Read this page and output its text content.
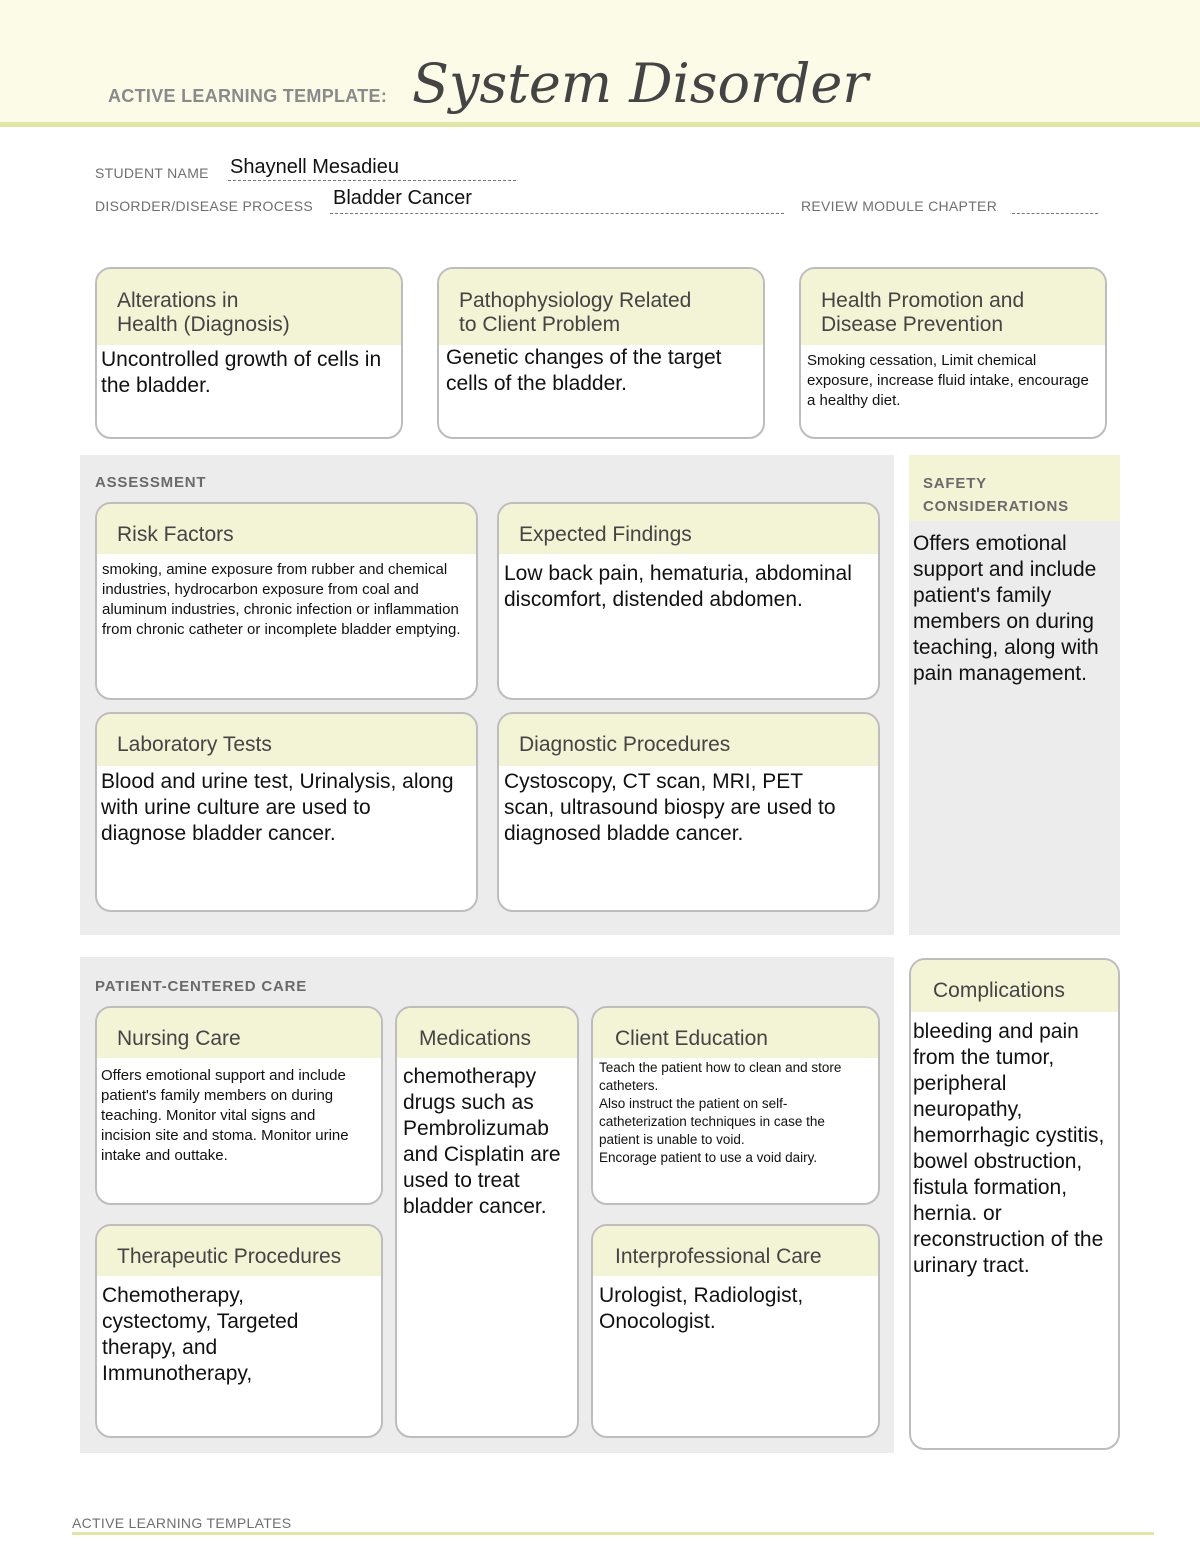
ACTIVE LEARNING TEMPLATE: System Disorder
STUDENT NAME Shaynell Mesadieu
DISORDER/DISEASE PROCESS Bladder Cancer	REVIEW MODULE CHAPTER
Alterations in
Health (Diagnosis)
Uncontrolled growth of cells in the bladder.
Pathophysiology Related
to Client Problem
Genetic changes of the target cells of the bladder.
Health Promotion and
Disease Prevention
Smoking cessation, Limit chemical exposure, increase fluid intake, encourage a healthy diet.
ASSESSMENT
Risk Factors
smoking, amine exposure from rubber and chemical industries, hydrocarbon exposure from coal and aluminum industries, chronic infection or inflammation from chronic catheter or incomplete bladder emptying.
Expected Findings
Low back pain, hematuria, abdominal discomfort, distended abdomen.
Laboratory Tests
Blood and urine test, Urinalysis, along with urine culture are used to diagnose bladder cancer.
Diagnostic Procedures
Cystoscopy, CT scan, MRI, PET scan, ultrasound biospy are used to diagnosed bladde cancer.
SAFETY
CONSIDERATIONS
Offers emotional support and include patient's family members on during teaching, along with pain management.
PATIENT-CENTERED CARE
Nursing Care
Offers emotional support and include patient's family members on during teaching. Monitor vital signs and incision site and stoma. Monitor urine intake and outtake.
Medications
chemotherapy drugs such as Pembrolizumab and Cisplatin are used to treat bladder cancer.
Client Education
Teach the patient how to clean and store catheters.
Also instruct the patient on self-catheterization techniques in case the patient is unable to void.
Encorage patient to use a void dairy.
Therapeutic Procedures
Chemotherapy, cystectomy, Targeted therapy, and Immunotherapy,
Interprofessional Care
Urologist, Radiologist, Onocologist.
Complications
bleeding and pain from the tumor, peripheral neuropathy, hemorrhagic cystitis, bowel obstruction, fistula formation, hernia. or reconstruction of the urinary tract.
ACTIVE LEARNING TEMPLATES
